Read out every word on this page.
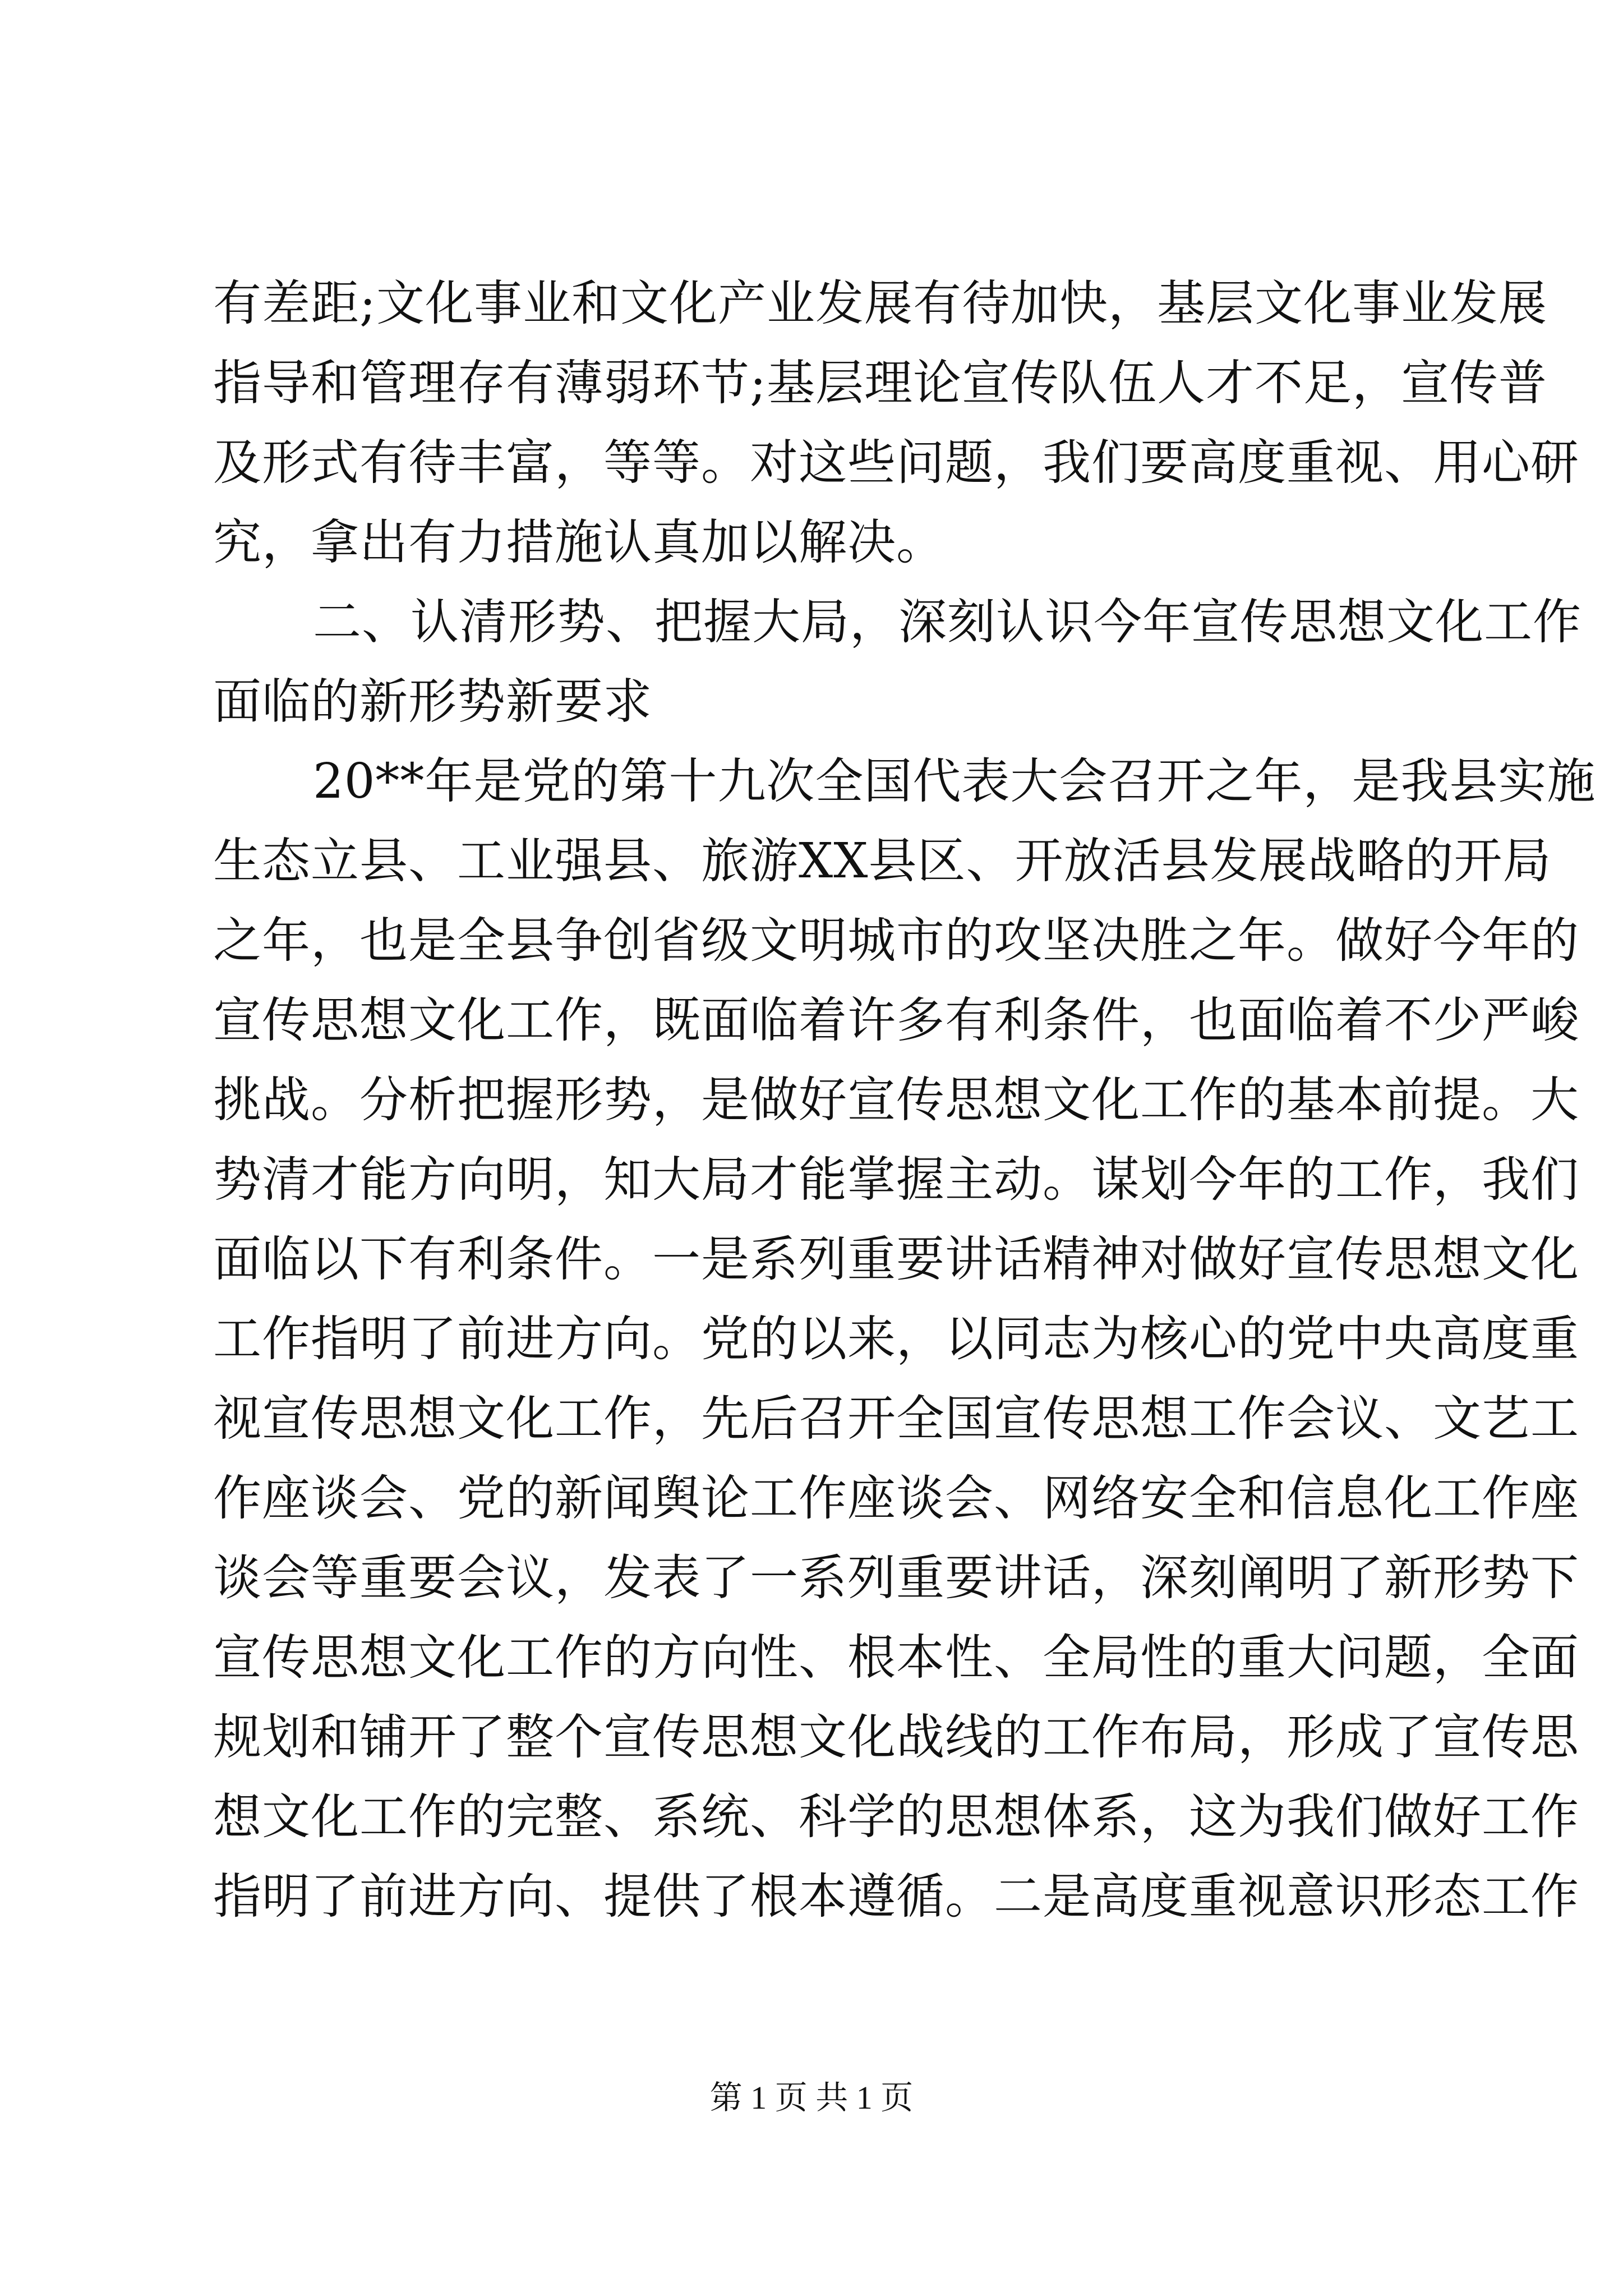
有差距;文化事业和文化产业发展有待加快，基层文化事业发展
指导和管理存有薄弱环节;基层理论宣传队伍人才不足，宣传普
及形式有待丰富，等等。对这些问题，我们要高度重视、用心研
究，拿出有力措施认真加以解决。
二、认清形势、把握大局，深刻认识今年宣传思想文化工作
面临的新形势新要求
20**年是党的第十九次全国代表大会召开之年，是我县实施
生态立县、工业强县、旅游XX县区、开放活县发展战略的开局
之年，也是全县争创省级文明城市的攻坚决胜之年。做好今年的
宣传思想文化工作，既面临着许多有利条件，也面临着不少严峻
挑战。分析把握形势，是做好宣传思想文化工作的基本前提。大
势清才能方向明，知大局才能掌握主动。谋划今年的工作，我们
面临以下有利条件。一是系列重要讲话精神对做好宣传思想文化
工作指明了前进方向。党的以来，以同志为核心的党中央高度重
视宣传思想文化工作，先后召开全国宣传思想工作会议、文艺工
作座谈会、党的新闻舆论工作座谈会、网络安全和信息化工作座
谈会等重要会议，发表了一系列重要讲话，深刻阐明了新形势下
宣传思想文化工作的方向性、根本性、全局性的重大问题，全面
规划和铺开了整个宣传思想文化战线的工作布局，形成了宣传思
想文化工作的完整、系统、科学的思想体系，这为我们做好工作
指明了前进方向、提供了根本遵循。二是高度重视意识形态工作
第 1 页 共 1 页
